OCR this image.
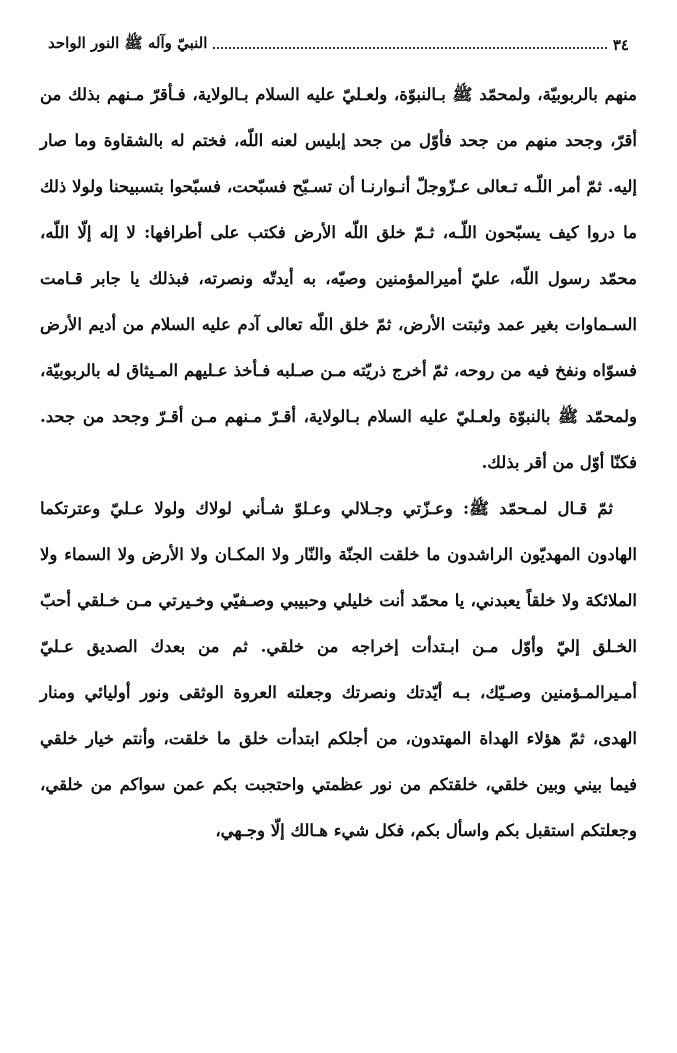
٣٤
النبيّ وآله ﷺ النور الواحد

منهم بالربوبيّة، ولمحمّد ﷺ بـالنبوّة، ولعـليّ عليه السلام بـالولاية، فـأقرّ مـنهم بذلك من أقرّ، وجحد منهم من جحد فأوّل من جحد إبليس لعنه اللّه، فختم له بالشقاوة وما صار إليه. ثمّ أمر اللّـه تـعالى عـزّوجلّ أنـوارنـا أن تسـبّح فسبّحت، فسبّحوا بتسبيحنا ولولا ذلك ما دروا كيف يسبّحون اللّـه، ثـمّ خلق اللّه الأرض فكتب على أطرافها: لا إله إلّا اللّه، محمّد رسول اللّه، عليّ أميرالمؤمنين وصيّه، به أيدتّه ونصرته، فبذلك يا جابر قـامت السـماوات بغير عمد وثبتت الأرض، ثمّ خلق اللّه تعالى آدم عليه السلام من أديم الأرض فسوّاه ونفخ فيه من روحه، ثمّ أخرج ذريّته مـن صـلبه فـأخذ عـليهم المـيثاق له بالربوبيّة، ولمحمّد ﷺ بالنبوّة ولعـليّ عليه السلام بـالولاية، أقـرّ مـنهم مـن أقـرّ وجحد من جحد. فكنّا أوّل من أقر بذلك.

ثمّ قـال لمـحمّد ﷺ: وعـزّتي وجـلالي وعـلوّ شـأني لولاك ولولا عـليّ وعترتكما الهادون المهديّون الراشدون ما خلقت الجنّة والنّار ولا المكـان ولا الأرض ولا السماء ولا الملائكة ولا خلقاً يعبدني، يا محمّد أنت خليلي وحبيبي وصـفيّي وخـيرتي مـن خـلقي أحبّ الخـلق إليّ وأوّل مـن ابـتدأت إخراجه من خلقي. ثم من بعدك الصديق عـليّ أمـيرالمـؤمنين وصـيّك، بـه أيّدتك ونصرتك وجعلته العروة الوثقى ونور أوليائي ومنار الهدى، ثمّ هؤلاء الهداة المهتدون، من أجلكم ابتدأت خلق ما خلقت، وأنتم خيار خلقي فيما بيني وبين خلقي، خلقتكم من نور عظمتي واحتجبت بكم عمن سواكم من خلقي، وجعلتكم استقبل بكم واسأل بكم، فكل شيء هـالك إلّا وجـهي،
